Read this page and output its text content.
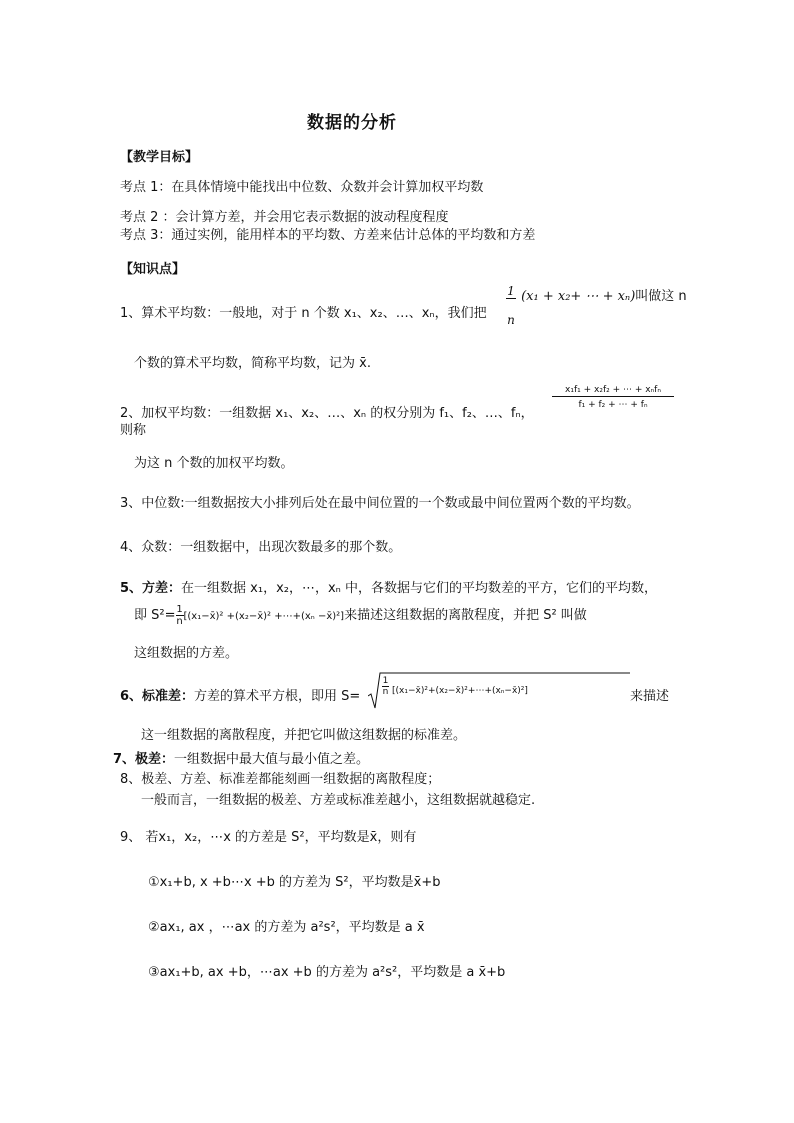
数据的分析
【教学目标】
考点 1：在具体情境中能找出中位数、众数并会计算加权平均数
考点 2 ：会计算方差，并会用它表示数据的波动程度程度
考点 3：通过实例，能用样本的平均数、方差来估计总体的平均数和方差
【知识点】
1、算术平均数：一般地，对于 n 个数 x₁、x₂、…、xₙ，我们把 $\frac{1}{n} ^{(x_1 + x_2+ \cdots + x_n)叫做这 n}$
个数的算术平均数，简称平均数，记为 x̄.
2、加权平均数：一组数据 x₁、x₂、…、xₙ 的权分别为 f₁、f₂、…、fₙ，
x₁f₁ + x₂f₂ + ⋯ + xₙfₙ
f₁ + f₂ + ⋯ + fₙ
则称
为这 n 个数的加权平均数。
3、中位数:一组数据按大小排列后处在最中间位置的一个数或最中间位置两个数的平均数。
4、众数：一组数据中，出现次数最多的那个数。
5、方差：在一组数据 x₁，x₂，⋯，xₙ 中，各数据与它们的平均数差的平方，它们的平均数，
即 $S^2= \frac{1}{n}$ [(x₁−x̄)² +(x₂−x̄)² +⋯+(xₙ −x̄)²]来描述这组数据的离散程度，并把 S² 叫做
这组数据的方差。
6、标准差：方差的算术平方根，即用 S=
1
n [(x₁−x̄)²+(x₂−x̄)²+⋯+(xₙ−x̄)²]	来描述
这一组数据的离散程度，并把它叫做这组数据的标准差。
7、极差：一组数据中最大值与最小值之差。
8、极差、方差、标准差都能刻画一组数据的离散程度；
一般而言，一组数据的极差、方差或标准差越小，这组数据就越稳定.
9、 若x₁，x₂，⋯x 的方差是 S²，平均数是x̄，则有
①x₁+b, x +b⋯x +b 的方差为 S²，平均数是x̄+b
②ax₁, ax ，⋯ax 的方差为 a²s²，平均数是 a x̄
③ax₁+b, ax +b，⋯ax +b 的方差为 a²s²，平均数是 a x̄+b
